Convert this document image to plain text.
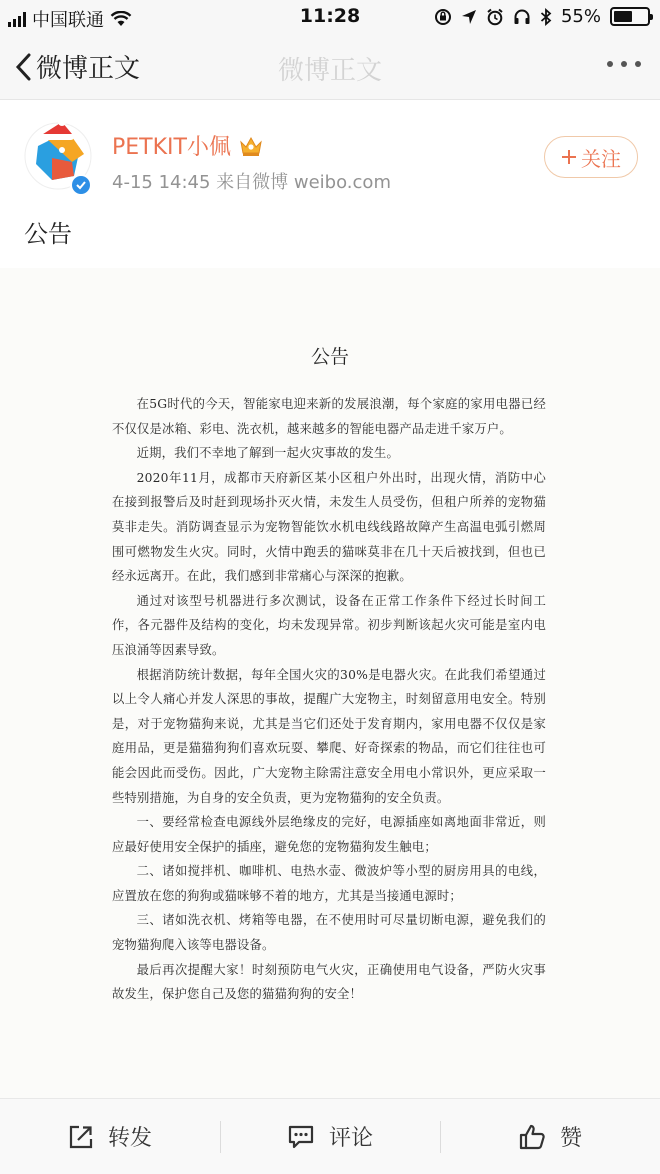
中国联通	11:28	55%
微博正文	微博正文
PETKIT小佩
4-15 14:45 来自微博 weibo.com
关注
公告
公告

在5G时代的今天，智能家电迎来新的发展浪潮，每个家庭的家用电器已经不仅仅是冰箱、彩电、洗衣机，越来越多的智能电器产品走进千家万户。

近期，我们不幸地了解到一起火灾事故的发生。

2020年11月，成都市天府新区某小区租户外出时，出现火情，消防中心在接到报警后及时赶到现场扑灭火情，未发生人员受伤，但租户所养的宠物猫莫非走失。消防调查显示为宠物智能饮水机电线线路故障产生高温电弧引燃周围可燃物发生火灾。同时，火情中跑丢的猫咪莫非在几十天后被找到，但也已经永远离开。在此，我们感到非常痛心与深深的抱歉。

通过对该型号机器进行多次测试，设备在正常工作条件下经过长时间工作，各元器件及结构的变化，均未发现异常。初步判断该起火灾可能是室内电压浪涌等因素导致。

根据消防统计数据，每年全国火灾的30%是电器火灾。在此我们希望通过以上令人痛心并发人深思的事故，提醒广大宠物主，时刻留意用电安全。特别是，对于宠物猫狗来说，尤其是当它们还处于发育期内，家用电器不仅仅是家庭用品，更是猫猫狗狗们喜欢玩耍、攀爬、好奇探索的物品，而它们往往也可能会因此而受伤。因此，广大宠物主除需注意安全用电小常识外，更应采取一些特别措施，为自身的安全负责，更为宠物猫狗的安全负责。

一、要经常检查电源线外层绝缘皮的完好，电源插座如离地面非常近，则应最好使用安全保护的插座，避免您的宠物猫狗发生触电；

二、诸如搅拌机、咖啡机、电热水壶、微波炉等小型的厨房用具的电线，应置放在您的狗狗或猫咪够不着的地方，尤其是当接通电源时；

三、诸如洗衣机、烤箱等电器，在不使用时可尽量切断电源，避免我们的宠物猫狗爬入该等电器设备。

最后再次提醒大家！时刻预防电气火灾，正确使用电气设备，严防火灾事故发生，保护您自己及您的猫猫狗狗的安全！

转发	评论	赞
